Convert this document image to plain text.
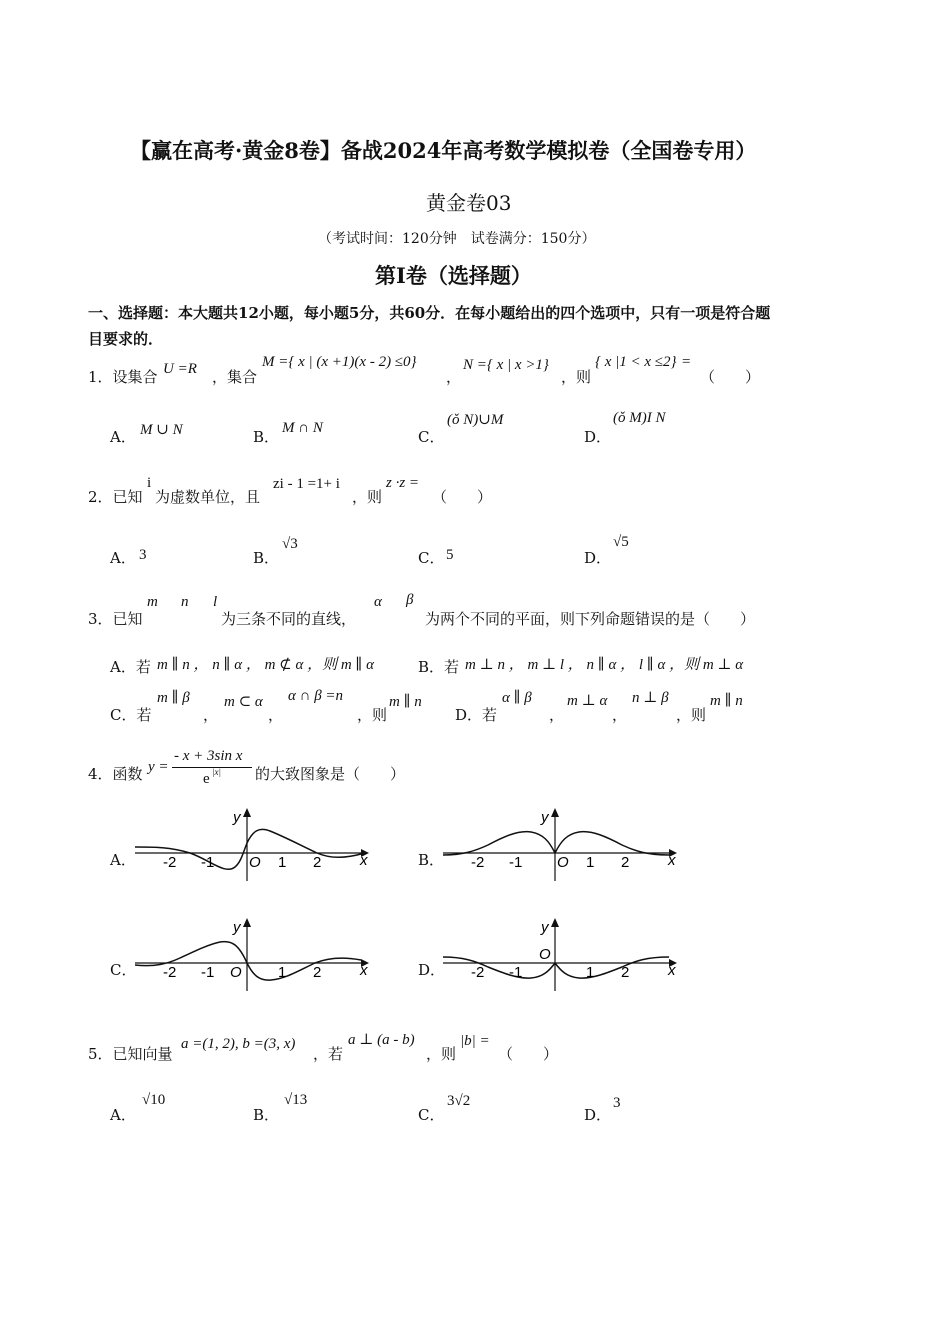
【赢在高考·黄金8卷】备战2024年高考数学模拟卷（全国卷专用）
黄金卷03
（考试时间：120分钟　试卷满分：150分）
第I卷（选择题）
一、选择题：本大题共12小题，每小题5分，共60分．在每小题给出的四个选项中，只有一项是符合题
目要求的．
1．设集合 U =R ，集合
M ={ x | (x +1)(x - 2) ≤0}
，
N ={ x | x >1}
，则
{ x |1 < x ≤2} =
（　　）
A． M ∪ N	B． M ∩ N	C．
(ǒ N)∪M
D．
(ǒ M)I N
2．已知
i
为虚数单位，且
zi - 1 =1+ i
，则
z ·z =
（　　）
A． 3	B．
√3
C． 5	D．
√5
3．已知
m n l
为三条不同的直线，
α β
为两个不同的平面，则下列命题错误的是（　　）
A．若 m ∥ n ， n ∥ α ， m ⊄ α ，则 m ∥ α	B．若 m ⊥ n ， m ⊥ l ， n ∥ α ， l ∥ α ，则 m ⊥ α
C．若
m ∥ β
，
m ⊂ α
，
α ∩ β =n
，则
m ∥ n
D．若
α ∥ β
，
m ⊥ α
，
n ⊥ β
，则
m ∥ n
4．函数 y =
- x + 3sin x
e |x| 的大致图象是（　　）
A．	B．
C．	D．
x
y
O
-2 -1	1 2	x
y
O
-2 -1	1 2
x
y
O
-2 -1	1 2	x
y
O
-2 -1	1 2
5．已知向量
a =(1, 2), b =(3, x)
，若
a ⊥ (a - b)
，则
|b| =
（　　）
A．
√10
B．
√13
C．
3√2
D．
3
